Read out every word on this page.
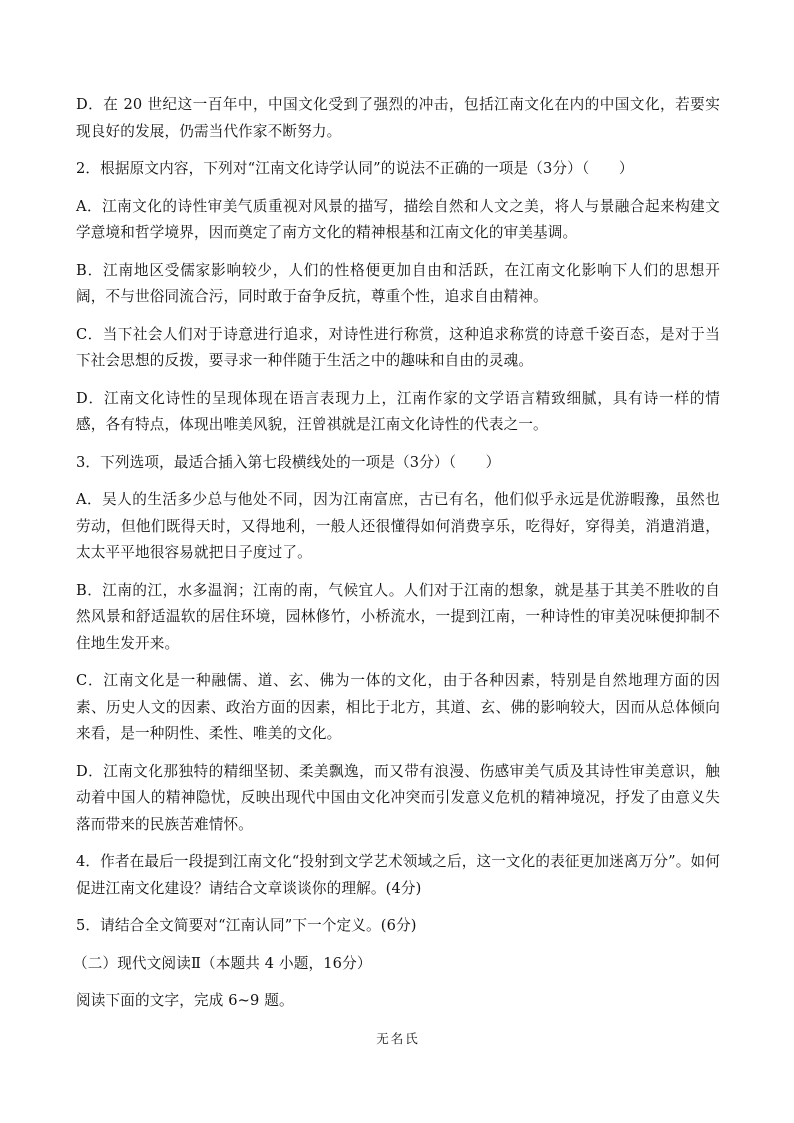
D．在 20 世纪这一百年中，中国文化受到了强烈的冲击，包括江南文化在内的中国文化，若要实现良好的发展，仍需当代作家不断努力。

2．根据原文内容，下列对“江南文化诗学认同”的说法不正确的一项是（3分）（　　）

A．江南文化的诗性审美气质重视对风景的描写，描绘自然和人文之美，将人与景融合起来构建文学意境和哲学境界，因而奠定了南方文化的精神根基和江南文化的审美基调。

B．江南地区受儒家影响较少，人们的性格便更加自由和活跃，在江南文化影响下人们的思想开阔，不与世俗同流合污，同时敢于奋争反抗，尊重个性，追求自由精神。

C．当下社会人们对于诗意进行追求，对诗性进行称赏，这种追求称赏的诗意千姿百态，是对于当下社会思想的反拨，要寻求一种伴随于生活之中的趣味和自由的灵魂。

D．江南文化诗性的呈现体现在语言表现力上，江南作家的文学语言精致细腻，具有诗一样的情感，各有特点，体现出唯美风貌，汪曾祺就是江南文化诗性的代表之一。

3．下列选项，最适合插入第七段横线处的一项是（3分）（　　）

A．吴人的生活多少总与他处不同，因为江南富庶，古已有名，他们似乎永远是优游暇豫，虽然也劳动，但他们既得天时，又得地利，一般人还很懂得如何消费享乐，吃得好，穿得美，消遣消遣，太太平平地很容易就把日子度过了。

B．江南的江，水多温润；江南的南，气候宜人。人们对于江南的想象，就是基于其美不胜收的自然风景和舒适温软的居住环境，园林修竹，小桥流水，一提到江南，一种诗性的审美况味便抑制不住地生发开来。

C．江南文化是一种融儒、道、玄、佛为一体的文化，由于各种因素，特别是自然地理方面的因素、历史人文的因素、政治方面的因素，相比于北方，其道、玄、佛的影响较大，因而从总体倾向来看，是一种阴性、柔性、唯美的文化。

D．江南文化那独特的精细坚韧、柔美飘逸，而又带有浪漫、伤感审美气质及其诗性审美意识，触动着中国人的精神隐忧，反映出现代中国由文化冲突而引发意义危机的精神境况，抒发了由意义失落而带来的民族苦难情怀。

4．作者在最后一段提到江南文化“投射到文学艺术领域之后，这一文化的表征更加迷离万分”。如何促进江南文化建设？请结合文章谈谈你的理解。(4分)

5．请结合全文简要对“江南认同”下一个定义。(6分)

（二）现代文阅读Ⅱ（本题共 4 小题，16分）

阅读下面的文字，完成 6~9 题。

无名氏
